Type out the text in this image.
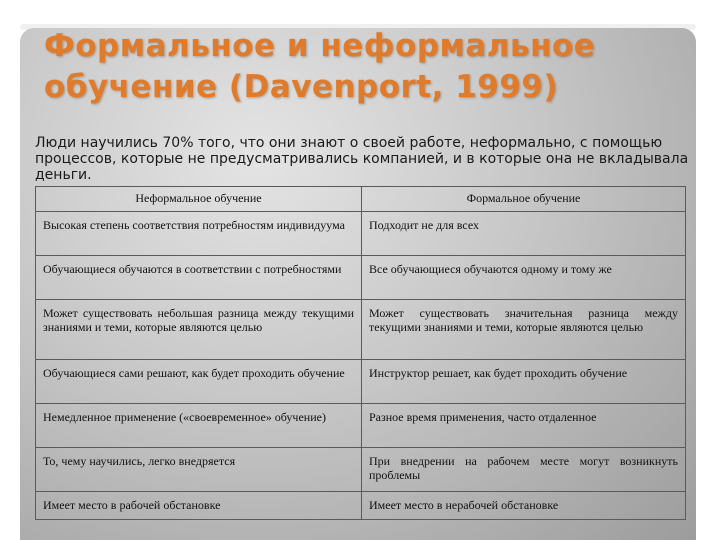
Формальное и неформальное обучение (Davenport, 1999)
Люди научились 70% того, что они знают о своей работе, неформально, с помощью процессов, которые не предусматривались компанией, и в которые она не вкладывала деньги.
Неформальное обучение	Формальное обучение
Высокая степень соответствия потребностям индивидуума	Подходит не для всех
Обучающиеся обучаются в соответствии с потребностями	Все обучающиеся обучаются одному и тому же
Может существовать небольшая разница между текущими знаниями и теми, которые являются целью	Может существовать значительная разница между текущими знаниями и теми, которые являются целью
Обучающиеся сами решают, как будет проходить обучение	Инструктор решает, как будет проходить обучение
Немедленное применение («своевременное» обучение)	Разное время применения, часто отдаленное
То, чему научились, легко внедряется	При внедрении на рабочем месте могут возникнуть проблемы
Имеет место в рабочей обстановке	Имеет место в нерабочей обстановке
